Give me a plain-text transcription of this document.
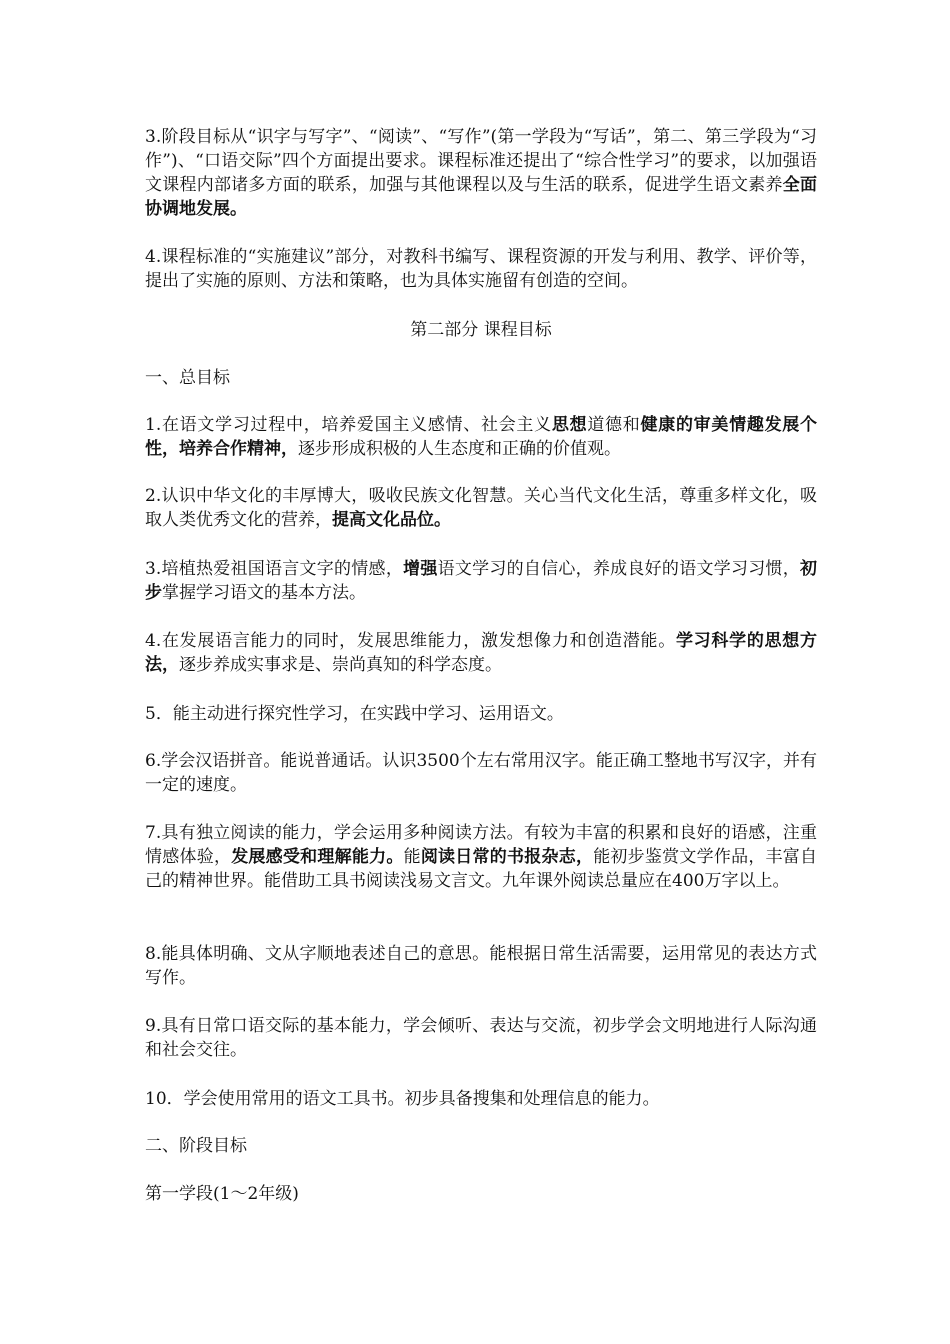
3.阶段目标从“识字与写字”、“阅读”、“写作”(第一学段为“写话”，第二、第三学段为“习作”)、“口语交际”四个方面提出要求。课程标准还提出了“综合性学习”的要求，以加强语文课程内部诸多方面的联系，加强与其他课程以及与生活的联系，促进学生语文素养全面协调地发展。

4.课程标准的“实施建议”部分，对教科书编写、课程资源的开发与利用、教学、评价等，提出了实施的原则、方法和策略，也为具体实施留有创造的空间。

第二部分 课程目标

一、总目标

1.在语文学习过程中，培养爱国主义感情、社会主义思想道德和健康的审美情趣发展个性，培养合作精神，逐步形成积极的人生态度和正确的价值观。

2.认识中华文化的丰厚博大，吸收民族文化智慧。关心当代文化生活，尊重多样文化，吸取人类优秀文化的营养，提高文化品位。

3.培植热爱祖国语言文字的情感，增强语文学习的自信心，养成良好的语文学习习惯，初步掌握学习语文的基本方法。

4.在发展语言能力的同时，发展思维能力，激发想像力和创造潜能。学习科学的思想方法，逐步养成实事求是、崇尚真知的科学态度。

5．能主动进行探究性学习，在实践中学习、运用语文。

6.学会汉语拼音。能说普通话。认识3500个左右常用汉字。能正确工整地书写汉字，并有一定的速度。

7.具有独立阅读的能力，学会运用多种阅读方法。有较为丰富的积累和良好的语感，注重情感体验，发展感受和理解能力。能阅读日常的书报杂志，能初步鉴赏文学作品，丰富自己的精神世界。能借助工具书阅读浅易文言文。九年课外阅读总量应在400万字以上。

8.能具体明确、文从字顺地表述自己的意思。能根据日常生活需要，运用常见的表达方式写作。

9.具有日常口语交际的基本能力，学会倾听、表达与交流，初步学会文明地进行人际沟通和社会交往。

10．学会使用常用的语文工具书。初步具备搜集和处理信息的能力。

二、阶段目标

第一学段(1～2年级)
